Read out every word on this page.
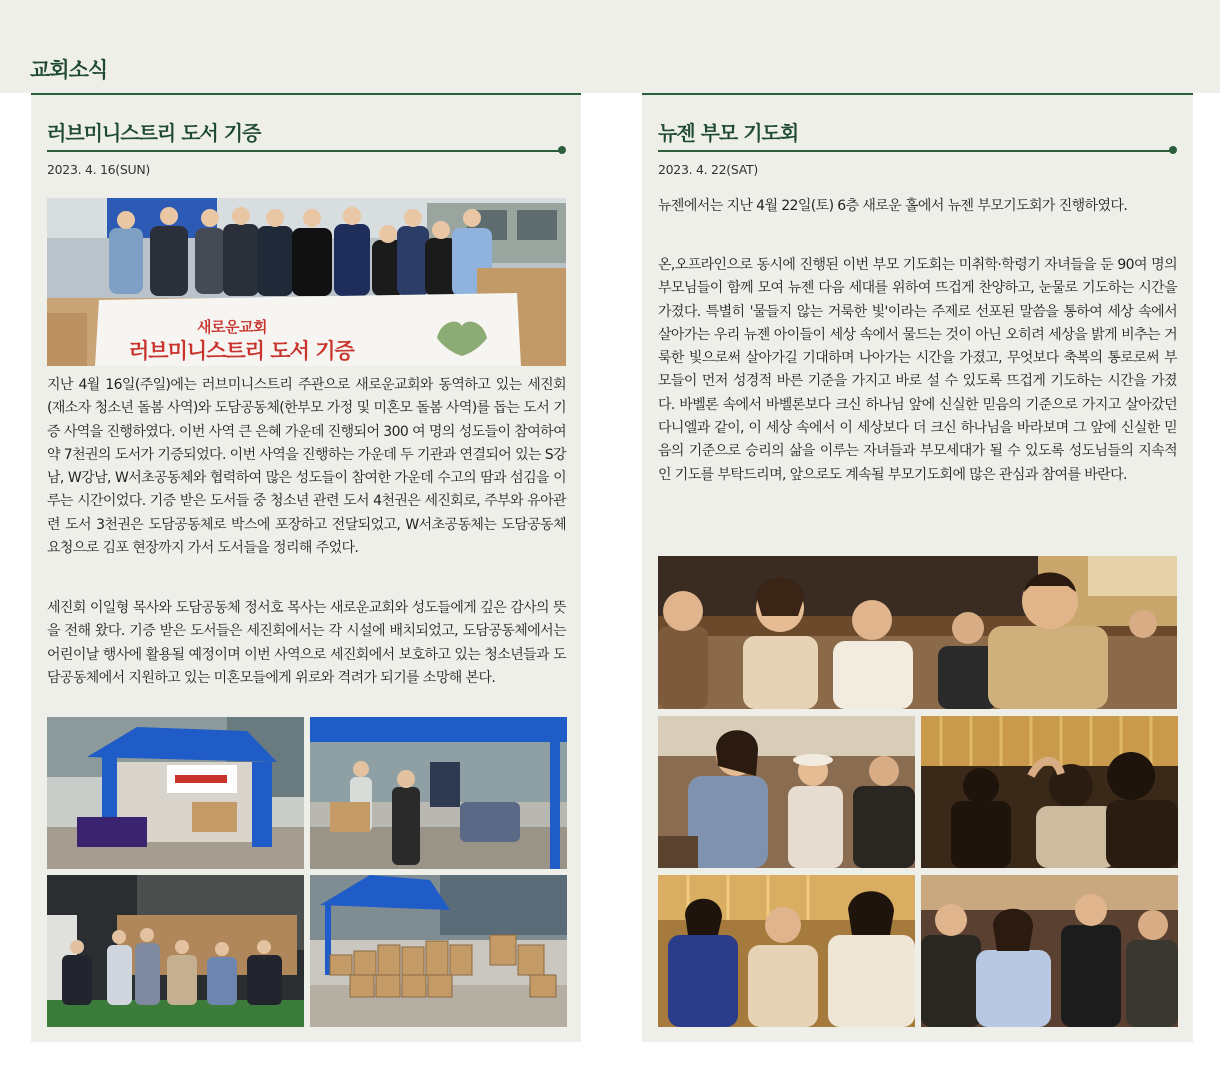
교회소식
러브미니스트리 도서 기증
2023. 4. 16(SUN)
새로운교회
러브미니스트리 도서 기증

지난 4월 16일(주일)에는 러브미니스트리 주관으로 새로운교회와 동역하고 있는 세진회(재소자 청소년 돌봄 사역)와 도담공동체(한부모 가정 및 미혼모 돌봄 사역)를 돕는 도서 기증 사역을 진행하였다. 이번 사역 큰 은혜 가운데 진행되어 300 여 명의 성도들이 참여하여 약 7천권의 도서가 기증되었다. 이번 사역을 진행하는 가운데 두 기관과 연결되어 있는 S강남, W강남, W서초공동체와 협력하여 많은 성도들이 참여한 가운데 수고의 땀과 섬김을 이루는 시간이었다. 기증 받은 도서들 중 청소년 관련 도서 4천권은 세진회로, 주부와 유아관련 도서 3천권은 도담공동체로 박스에 포장하고 전달되었고, W서초공동체는 도담공동체 요청으로 김포 현장까지 가서 도서들을 정리해 주었다.

세진회 이일형 목사와 도담공동체 정서호 목사는 새로운교회와 성도들에게 깊은 감사의 뜻을 전해 왔다. 기증 받은 도서들은 세진회에서는 각 시설에 배치되었고, 도담공동체에서는 어린이날 행사에 활용될 예정이며 이번 사역으로 세진회에서 보호하고 있는 청소년들과 도담공동체에서 지원하고 있는 미혼모들에게 위로와 격려가 되기를 소망해 본다.

뉴젠 부모 기도회
2023. 4. 22(SAT)

뉴젠에서는 지난 4월 22일(토) 6층 새로운 홀에서 뉴젠 부모기도회가 진행하였다.

온,오프라인으로 동시에 진행된 이번 부모 기도회는 미취학·학령기 자녀들을 둔 90여 명의 부모님들이 함께 모여 뉴젠 다음 세대를 위하여 뜨겁게 찬양하고, 눈물로 기도하는 시간을 가졌다. 특별히 '물들지 않는 거룩한 빛'이라는 주제로 선포된 말씀을 통하여 세상 속에서 살아가는 우리 뉴젠 아이들이 세상 속에서 물드는 것이 아닌 오히려 세상을 밝게 비추는 거룩한 빛으로써 살아가길 기대하며 나아가는 시간을 가졌고, 무엇보다 축복의 통로로써 부모들이 먼저 성경적 바른 기준을 가지고 바로 설 수 있도록 뜨겁게 기도하는 시간을 가졌다. 바벨론 속에서 바벨론보다 크신 하나님 앞에 신실한 믿음의 기준으로 가지고 살아갔던 다니엘과 같이, 이 세상 속에서 이 세상보다 더 크신 하나님을 바라보며 그 앞에 신실한 믿음의 기준으로 승리의 삶을 이루는 자녀들과 부모세대가 될 수 있도록 성도님들의 지속적인 기도를 부탁드리며, 앞으로도 계속될 부모기도회에 많은 관심과 참여를 바란다.
